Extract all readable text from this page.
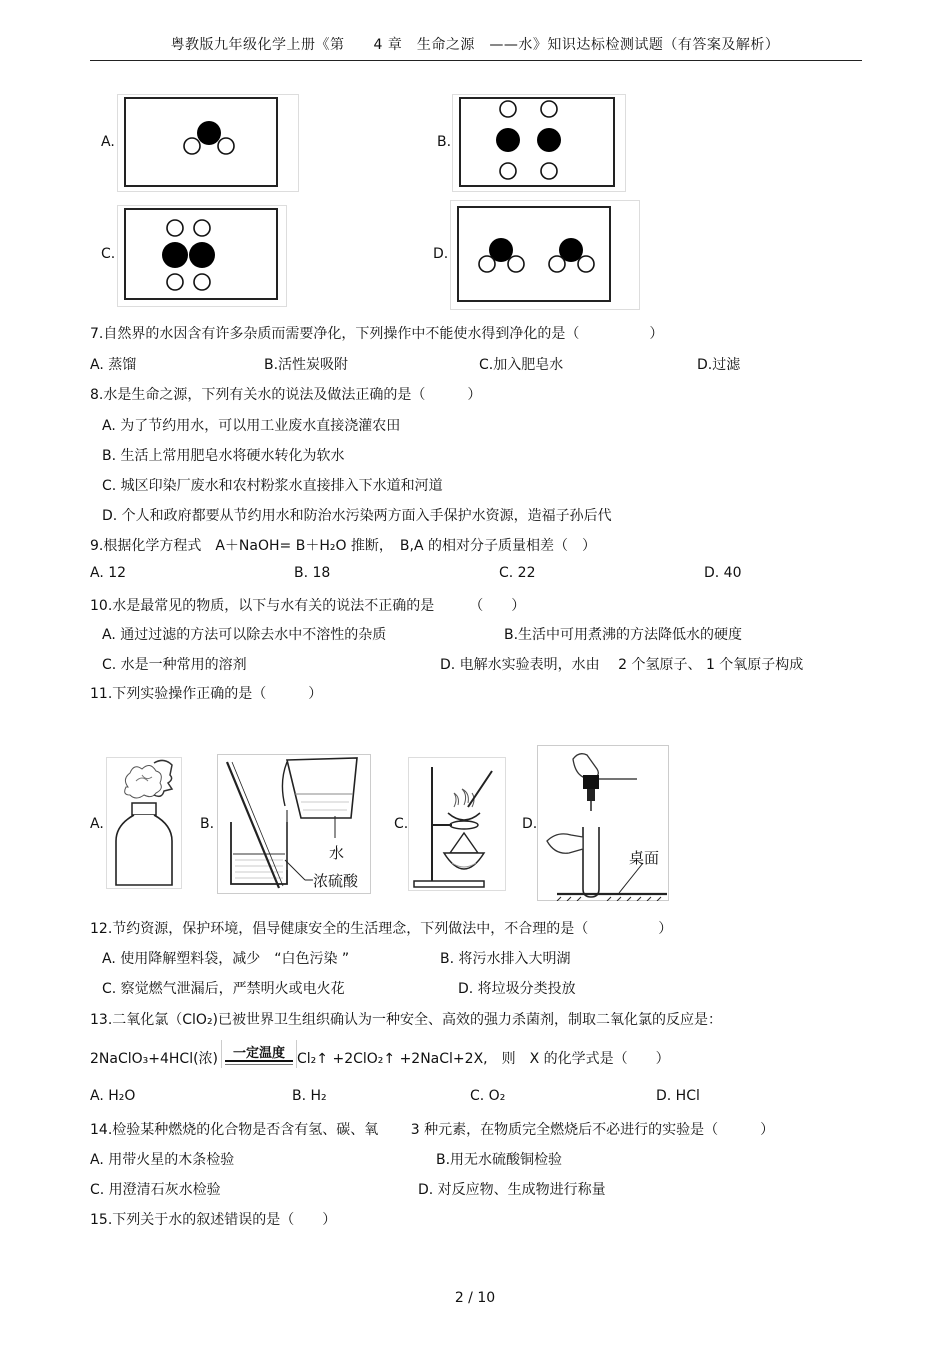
粤教版九年级化学上册《第　　4 章　生命之源　——水》知识达标检测试题（有答案及解析）
A.	B.
C.	D.
7.自然界的水因含有许多杂质而需要净化，下列操作中不能使水得到净化的是（　　　　　）
A. 蒸馏	B.活性炭吸附	C.加入肥皂水	D.过滤
8.水是生命之源，下列有关水的说法及做法正确的是（　　　）
A. 为了节约用水，可以用工业废水直接浇灌农田
B. 生活上常用肥皂水将硬水转化为软水
C. 城区印染厂废水和农村粉浆水直接排入下水道和河道
D. 个人和政府都要从节约用水和防治水污染两方面入手保护水资源，造福子孙后代
9.根据化学方程式　A＋NaOH= B＋H₂O 推断，　B,A 的相对分子质量相差（　）
A. 12	B. 18	C. 22	D. 40
10.水是最常见的物质，以下与水有关的说法不正确的是　　　（　　）
A. 通过过滤的方法可以除去水中不溶性的杂质	B.生活中可用煮沸的方法降低水的硬度
C. 水是一种常用的溶剂	D. 电解水实验表明，水由　 2 个氢原子、 1 个氧原子构成
11.下列实验操作正确的是（　　　）
A.	B.
水
浓硫酸
C.	D.
桌面
12.节约资源，保护环境，倡导健康安全的生活理念，下列做法中，不合理的是（　　　　　）
A. 使用降解塑料袋，减少　“白色污染 ”	B. 将污水排入大明湖
C. 察觉燃气泄漏后，严禁明火或电火花	D. 将垃圾分类投放
13.二氧化氯（ClO₂)已被世界卫生组织确认为一种安全、高效的强力杀菌剂，制取二氧化氯的反应是：
2NaClO₃+4HCl(浓)	一定温度 Cl₂↑ +2ClO₂↑ +2NaCl+2X,　则　X 的化学式是（　　）
A. H₂O	B. H₂	C. O₂	D. HCl
14.检验某种燃烧的化合物是否含有氢、碳、氧　　 3 种元素，在物质完全燃烧后不必进行的实验是（　　　）
A. 用带火星的木条检验	B.用无水硫酸铜检验
C. 用澄清石灰水检验	D. 对反应物、生成物进行称量
15.下列关于水的叙述错误的是（　　）
2 / 10
